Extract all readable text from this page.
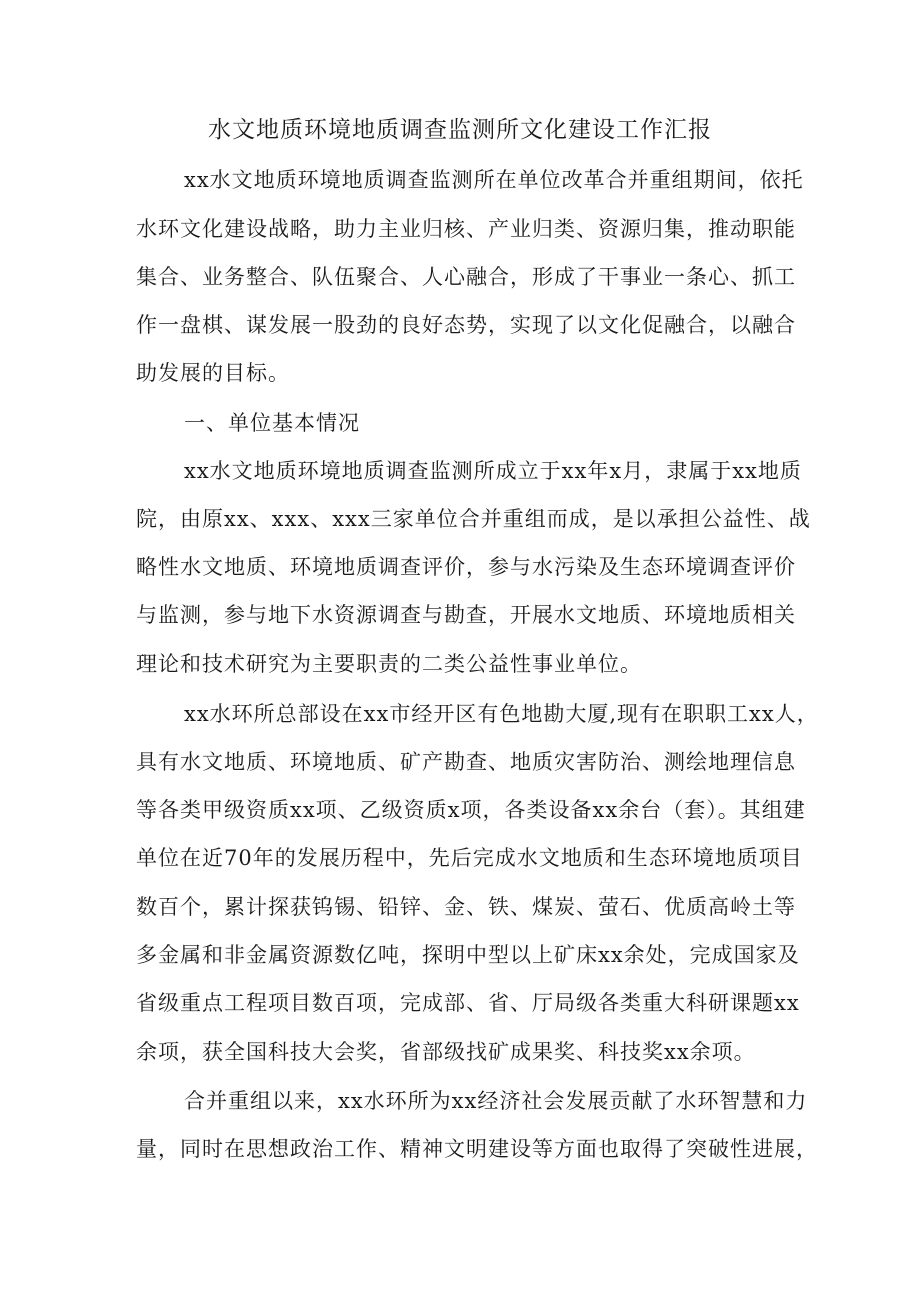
水文地质环境地质调查监测所文化建设工作汇报
xx水文地质环境地质调查监测所在单位改革合并重组期间，依托
水环文化建设战略，助力主业归核、产业归类、资源归集，推动职能
集合、业务整合、队伍聚合、人心融合，形成了干事业一条心、抓工
作一盘棋、谋发展一股劲的良好态势，实现了以文化促融合，以融合
助发展的目标。
一、单位基本情况
xx水文地质环境地质调查监测所成立于xx年x月，隶属于xx地质
院，由原xx、xxx、xxx三家单位合并重组而成，是以承担公益性、战
略性水文地质、环境地质调查评价，参与水污染及生态环境调查评价
与监测，参与地下水资源调查与勘查，开展水文地质、环境地质相关
理论和技术研究为主要职责的二类公益性事业单位。
xx水环所总部设在xx市经开区有色地勘大厦,现有在职职工xx人，
具有水文地质、环境地质、矿产勘查、地质灾害防治、测绘地理信息
等各类甲级资质xx项、乙级资质x项，各类设备xx余台（套）。其组建
单位在近70年的发展历程中，先后完成水文地质和生态环境地质项目
数百个，累计探获钨锡、铅锌、金、铁、煤炭、萤石、优质高岭土等
多金属和非金属资源数亿吨，探明中型以上矿床xx余处，完成国家及
省级重点工程项目数百项，完成部、省、厅局级各类重大科研课题xx
余项，获全国科技大会奖，省部级找矿成果奖、科技奖xx余项。
合并重组以来，xx水环所为xx经济社会发展贡献了水环智慧和力
量，同时在思想政治工作、精神文明建设等方面也取得了突破性进展，
